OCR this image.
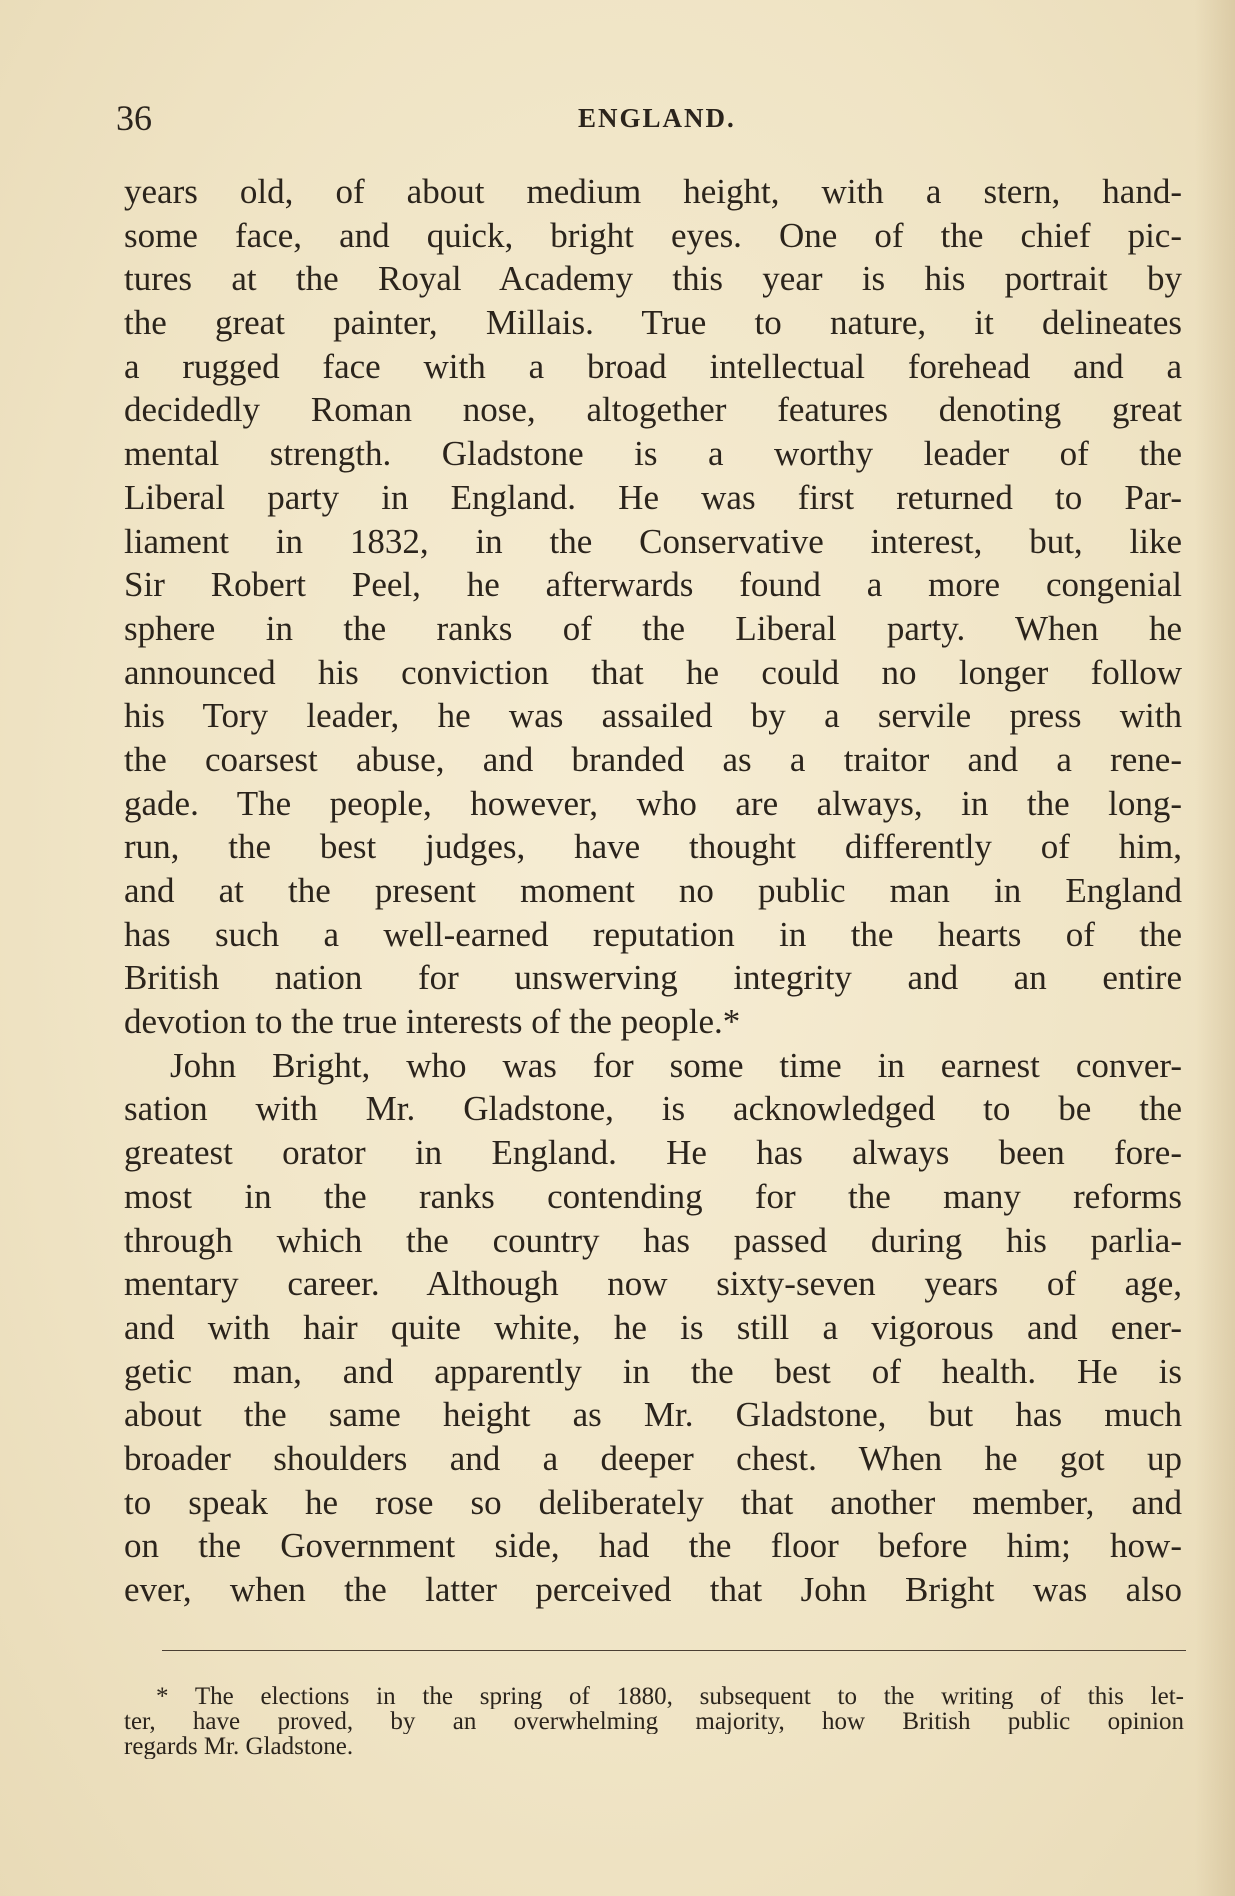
36	ENGLAND.
years old, of about medium height, with a stern, hand-
some face, and quick, bright eyes. One of the chief pic-
tures at the Royal Academy this year is his portrait by
the great painter, Millais. True to nature, it delineates
a rugged face with a broad intellectual forehead and a
decidedly Roman nose, altogether features denoting great
mental strength. Gladstone is a worthy leader of the
Liberal party in England. He was first returned to Par-
liament in 1832, in the Conservative interest, but, like
Sir Robert Peel, he afterwards found a more congenial
sphere in the ranks of the Liberal party. When he
announced his conviction that he could no longer follow
his Tory leader, he was assailed by a servile press with
the coarsest abuse, and branded as a traitor and a rene-
gade. The people, however, who are always, in the long-
run, the best judges, have thought differently of him,
and at the present moment no public man in England
has such a well-earned reputation in the hearts of the
British nation for unswerving integrity and an entire
devotion to the true interests of the people.*
John Bright, who was for some time in earnest conver-
sation with Mr. Gladstone, is acknowledged to be the
greatest orator in England. He has always been fore-
most in the ranks contending for the many reforms
through which the country has passed during his parlia-
mentary career. Although now sixty-seven years of age,
and with hair quite white, he is still a vigorous and ener-
getic man, and apparently in the best of health. He is
about the same height as Mr. Gladstone, but has much
broader shoulders and a deeper chest. When he got up
to speak he rose so deliberately that another member, and
on the Government side, had the floor before him; how-
ever, when the latter perceived that John Bright was also
* The elections in the spring of 1880, subsequent to the writing of this let-
ter, have proved, by an overwhelming majority, how British public opinion
regards Mr. Gladstone.
